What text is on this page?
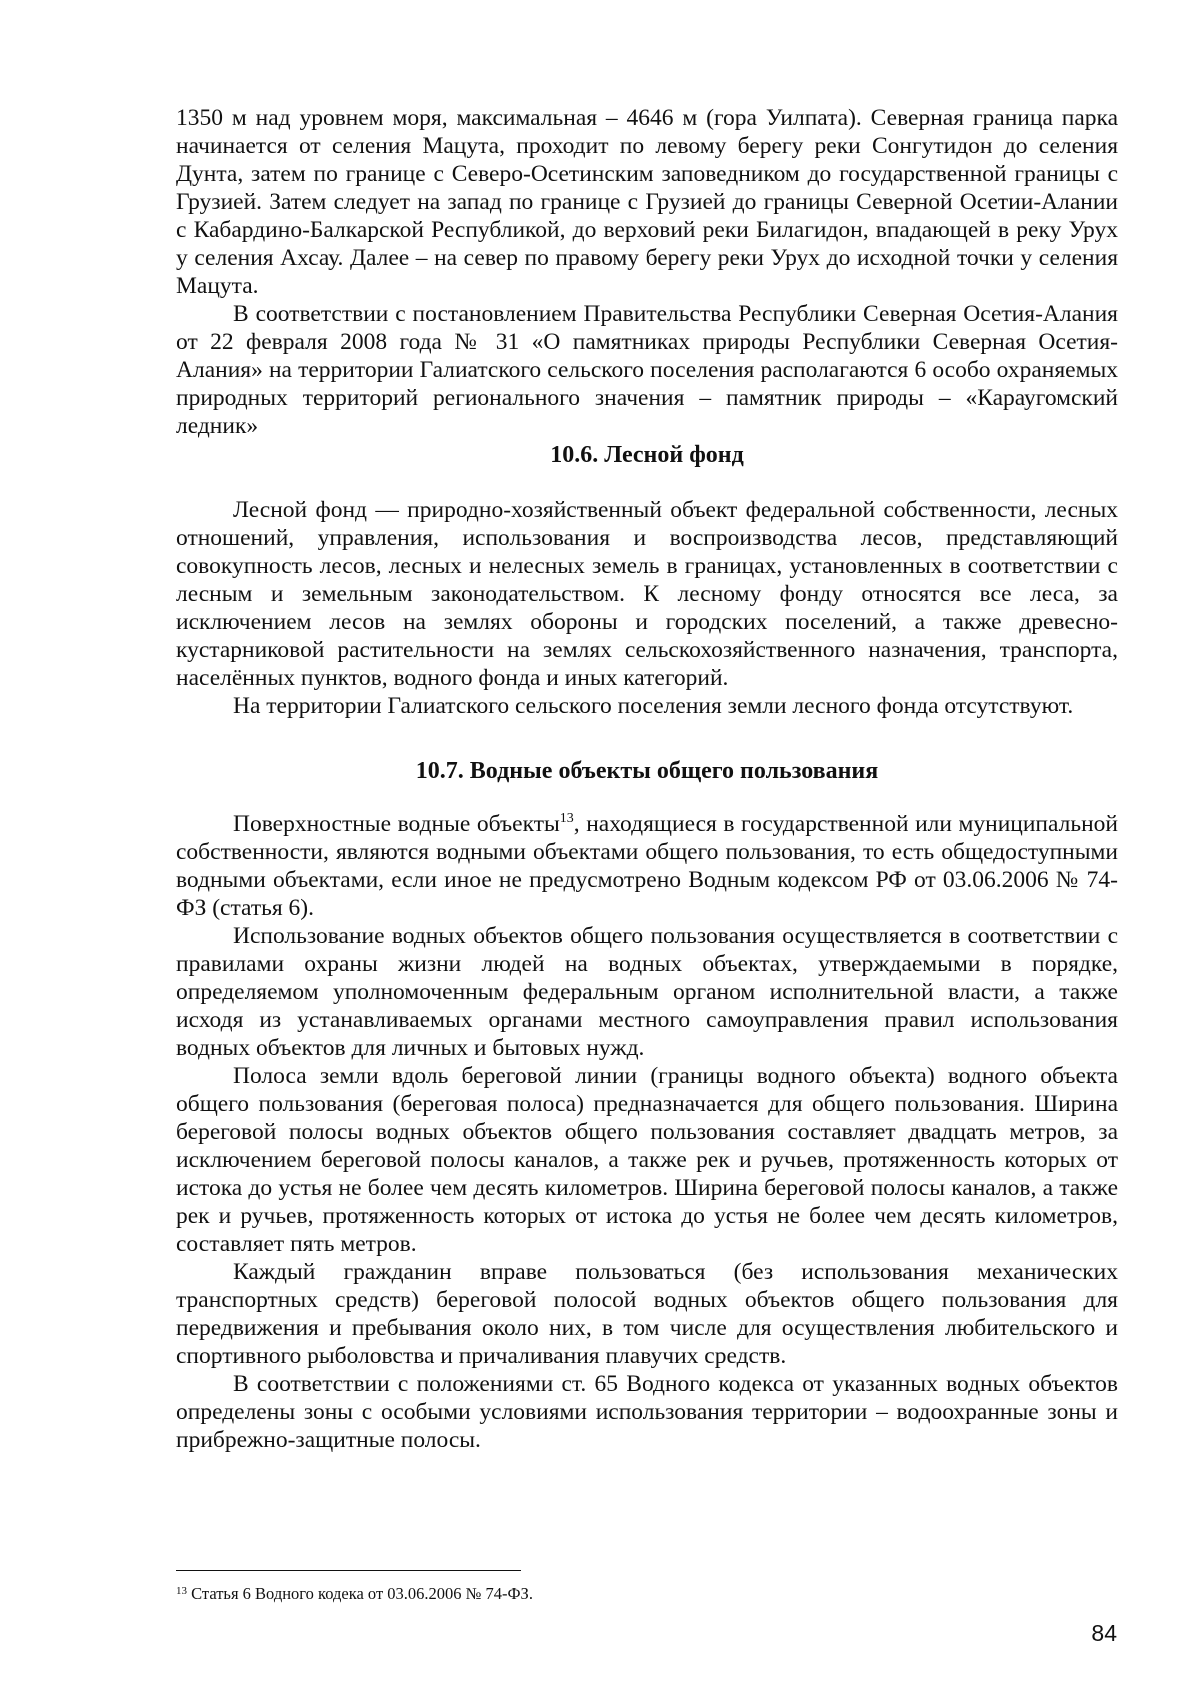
1350 м над уровнем моря, максимальная – 4646 м (гора Уилпата). Северная граница парка начинается от селения Мацута, проходит по левому берегу реки Сонгутидон до селения Дунта, затем по границе с Северо-Осетинским заповедником до государственной границы с Грузией. Затем следует на запад по границе с Грузией до границы Северной Осетии-Алании с Кабардино-Балкарской Республикой, до верховий реки Билагидон, впадающей в реку Урух у селения Ахсау. Далее – на север по правому берегу реки Урух до исходной точки у селения Мацута.

В соответствии с постановлением Правительства Республики Северная Осетия-Алания от 22 февраля 2008 года № 31 «О памятниках природы Республики Северная Осетия-Алания» на территории Галиатского сельского поселения располагаются 6 особо охраняемых природных территорий регионального значения – памятник природы – «Караугомский ледник»

10.6. Лесной фонд

Лесной фонд — природно-хозяйственный объект федеральной собственности, лесных отношений, управления, использования и воспроизводства лесов, представляющий совокупность лесов, лесных и нелесных земель в границах, установленных в соответствии с лесным и земельным законодательством. К лесному фонду относятся все леса, за исключением лесов на землях обороны и городских поселений, а также древесно-кустарниковой растительности на землях сельскохозяйственного назначения, транспорта, населённых пунктов, водного фонда и иных категорий.

На территории Галиатского сельского поселения земли лесного фонда отсутствуют.

10.7. Водные объекты общего пользования

Поверхностные водные объекты$^{13}$, находящиеся в государственной или муниципальной собственности, являются водными объектами общего пользования, то есть общедоступными водными объектами, если иное не предусмотрено Водным кодексом РФ от 03.06.2006 № 74-ФЗ (статья 6).

Использование водных объектов общего пользования осуществляется в соответствии с правилами охраны жизни людей на водных объектах, утверждаемыми в порядке, определяемом уполномоченным федеральным органом исполнительной власти, а также исходя из устанавливаемых органами местного самоуправления правил использования водных объектов для личных и бытовых нужд.

Полоса земли вдоль береговой линии (границы водного объекта) водного объекта общего пользования (береговая полоса) предназначается для общего пользования. Ширина береговой полосы водных объектов общего пользования составляет двадцать метров, за исключением береговой полосы каналов, а также рек и ручьев, протяженность которых от истока до устья не более чем десять километров. Ширина береговой полосы каналов, а также рек и ручьев, протяженность которых от истока до устья не более чем десять километров, составляет пять метров.

Каждый гражданин вправе пользоваться (без использования механических транспортных средств) береговой полосой водных объектов общего пользования для передвижения и пребывания около них, в том числе для осуществления любительского и спортивного рыболовства и причаливания плавучих средств.

В соответствии с положениями ст. 65 Водного кодекса от указанных водных объектов определены зоны с особыми условиями использования территории – водоохранные зоны и прибрежно-защитные полосы.

$^{13}$ Статья 6 Водного кодека от 03.06.2006 № 74-ФЗ.
84
